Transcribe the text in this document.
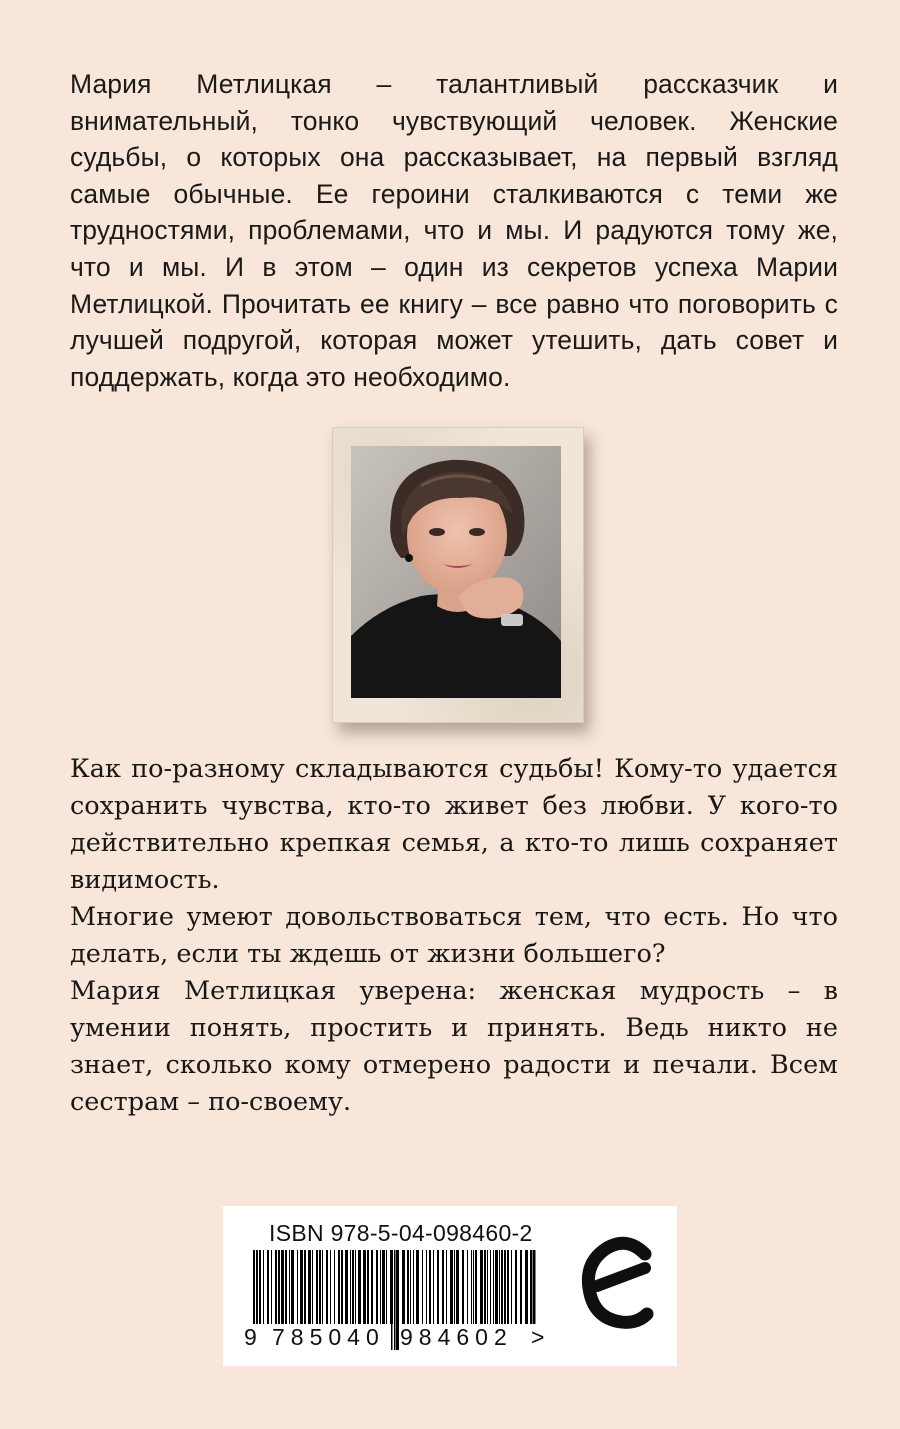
Мария Метлицкая – талантливый рассказчик и внимательный, тонко чувствующий человек. Женские судьбы, о которых она рассказывает, на первый взгляд самые обычные. Ее героини сталкиваются с теми же трудностями, проблемами, что и мы. И радуются тому же, что и мы. И в этом – один из секретов успеха Марии Метлицкой. Прочитать ее книгу – все равно что поговорить с лучшей подругой, которая может утешить, дать совет и поддержать, когда это необходимо.

Как по-разному складываются судьбы! Кому-то удается сохранить чувства, кто-то живет без любви. У кого-то действительно крепкая семья, а кто-то лишь сохраняет видимость.

Многие умеют довольствоваться тем, что есть. Но что делать, если ты ждешь от жизни большего?

Мария Метлицкая уверена: женская мудрость – в умении понять, простить и принять. Ведь никто не знает, сколько кому отмерено радости и печали. Всем сестрам – по-своему.

ISBN 978-5-04-098460-2
9 785040 984602 >
